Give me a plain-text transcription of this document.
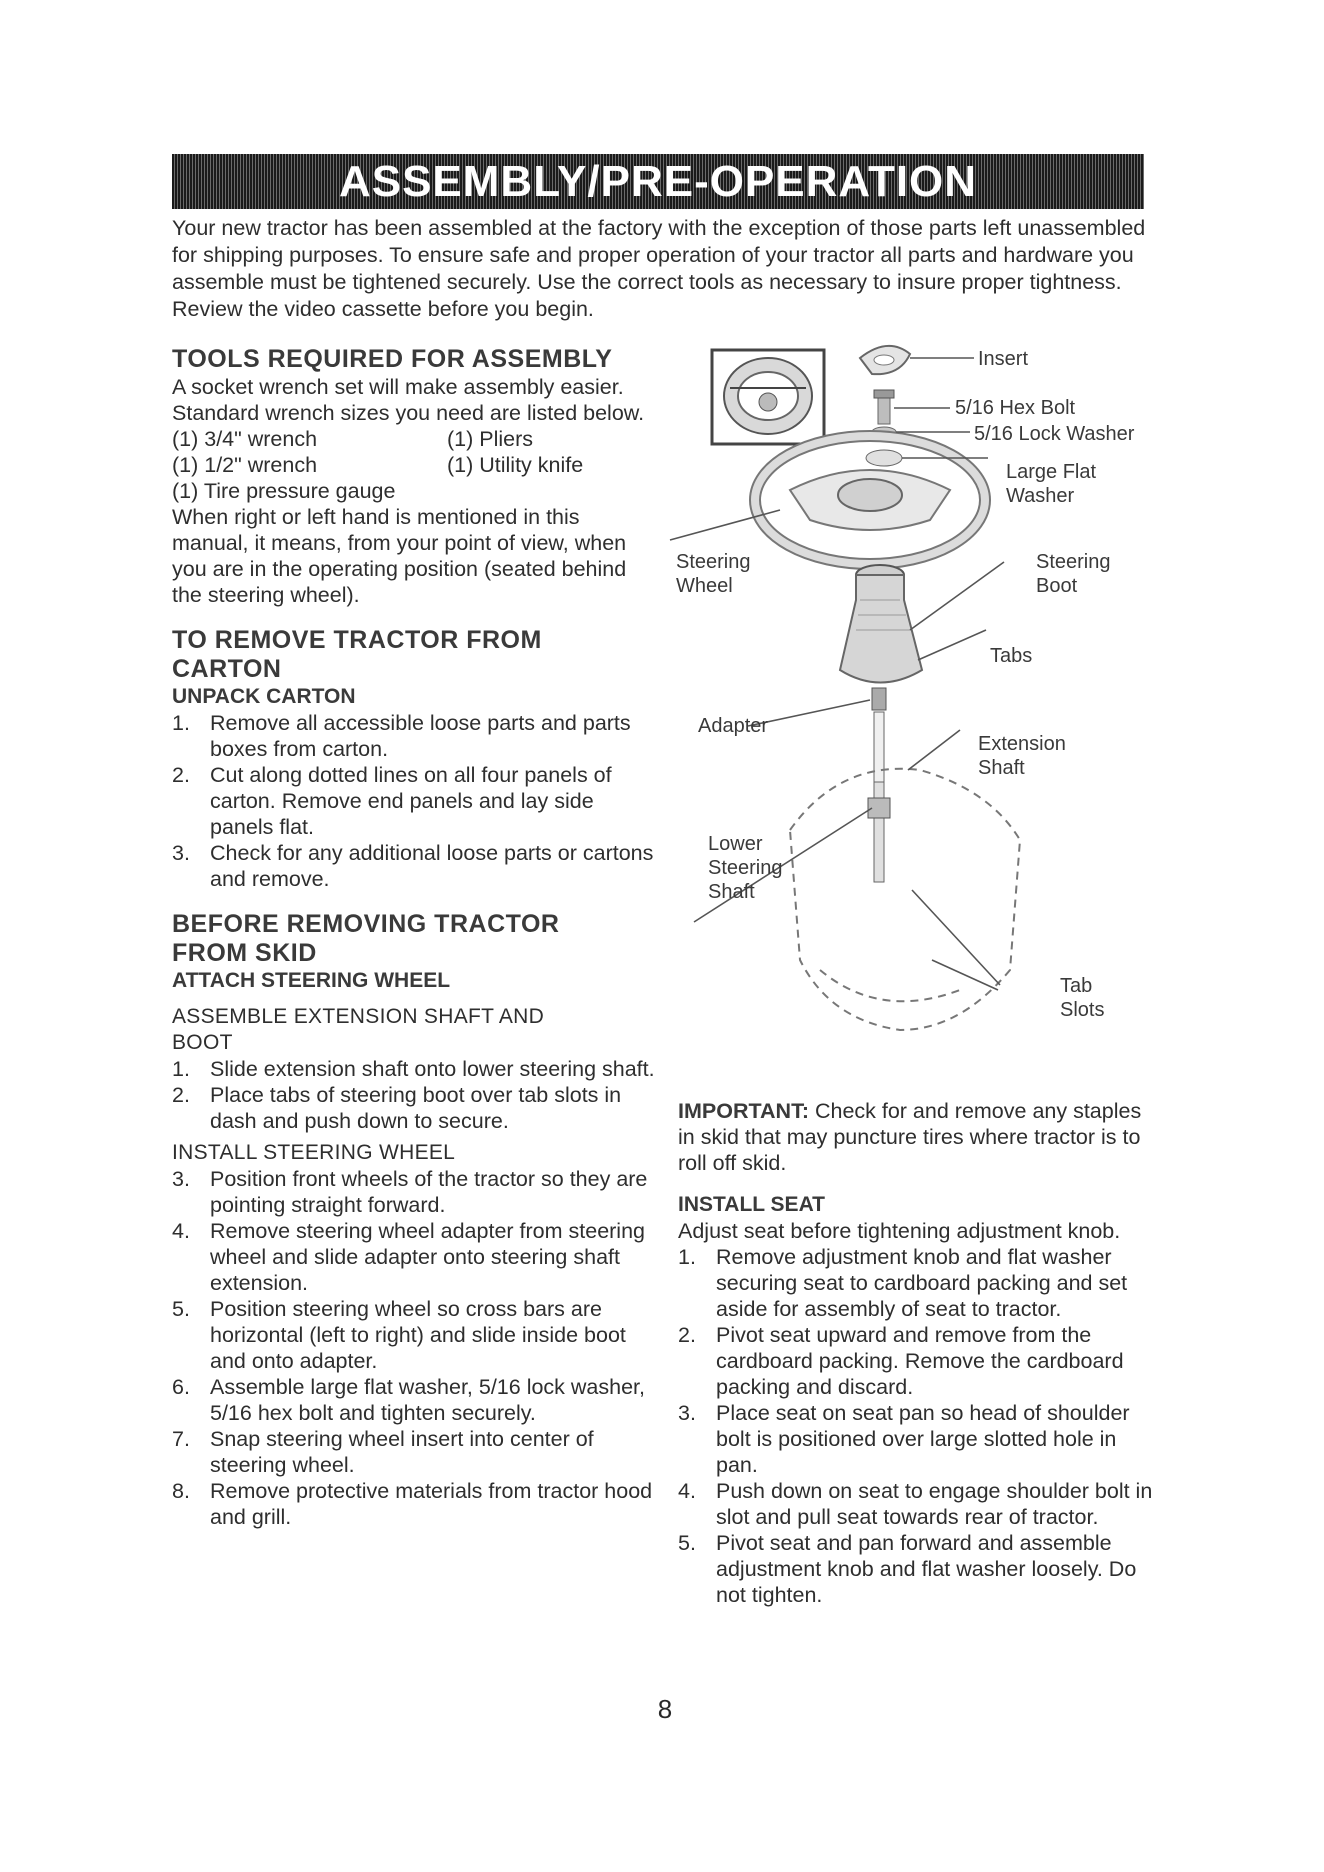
ASSEMBLY/PRE-OPERATION

Your new tractor has been assembled at the factory with the exception of those parts left unassembled for shipping purposes. To ensure safe and proper operation of your tractor all parts and hardware you assemble must be tightened securely. Use the correct tools as necessary to insure proper tightness. Review the video cassette before you begin.

TOOLS REQUIRED FOR ASSEMBLY

A socket wrench set will make assembly easier. Standard wrench sizes you need are listed below.

(1) 3/4" wrench	(1) Pliers
(1) 1/2" wrench	(1) Utility knife

(1) Tire pressure gauge

When right or left hand is mentioned in this manual, it means, from your point of view, when you are in the operating position (seated behind the steering wheel).

TO REMOVE TRACTOR FROM

CARTON

UNPACK CARTON

1. Remove all accessible loose parts and parts boxes from carton.
2. Cut along dotted lines on all four panels of carton. Remove end panels and lay side panels flat.
3. Check for any additional loose parts or cartons and remove.

BEFORE REMOVING TRACTOR

FROM SKID

ATTACH STEERING WHEEL

ASSEMBLE EXTENSION SHAFT AND

BOOT

1. Slide extension shaft onto lower steering shaft.
2. Place tabs of steering boot over tab slots in dash and push down to secure.

INSTALL STEERING WHEEL

3. Position front wheels of the tractor so they are pointing straight forward.
4. Remove steering wheel adapter from steering wheel and slide adapter onto steering shaft extension.
5. Position steering wheel so cross bars are horizontal (left to right) and slide inside boot and onto adapter.
6. Assemble large flat washer, 5/16 lock washer, 5/16 hex bolt and tighten securely.
7. Snap steering wheel insert into center of steering wheel.
8. Remove protective materials from tractor hood and grill.
Insert
5/16 Hex Bolt
5/16 Lock Washer
Large Flat
Washer
Steering
Wheel
Steering
Boot
Tabs
Adapter
Extension
Shaft
Lower
Steering
Shaft
Tab
Slots

IMPORTANT: Check for and remove any staples in skid that may puncture tires where tractor is to roll off skid.

INSTALL SEAT

Adjust seat before tightening adjustment knob.

1. Remove adjustment knob and flat washer securing seat to cardboard packing and set aside for assembly of seat to tractor.
2. Pivot seat upward and remove from the cardboard packing. Remove the cardboard packing and discard.
3. Place seat on seat pan so head of shoulder bolt is positioned over large slotted hole in pan.
4. Push down on seat to engage shoulder bolt in slot and pull seat towards rear of tractor.
5. Pivot seat and pan forward and assemble adjustment knob and flat washer loosely. Do not tighten.
8
